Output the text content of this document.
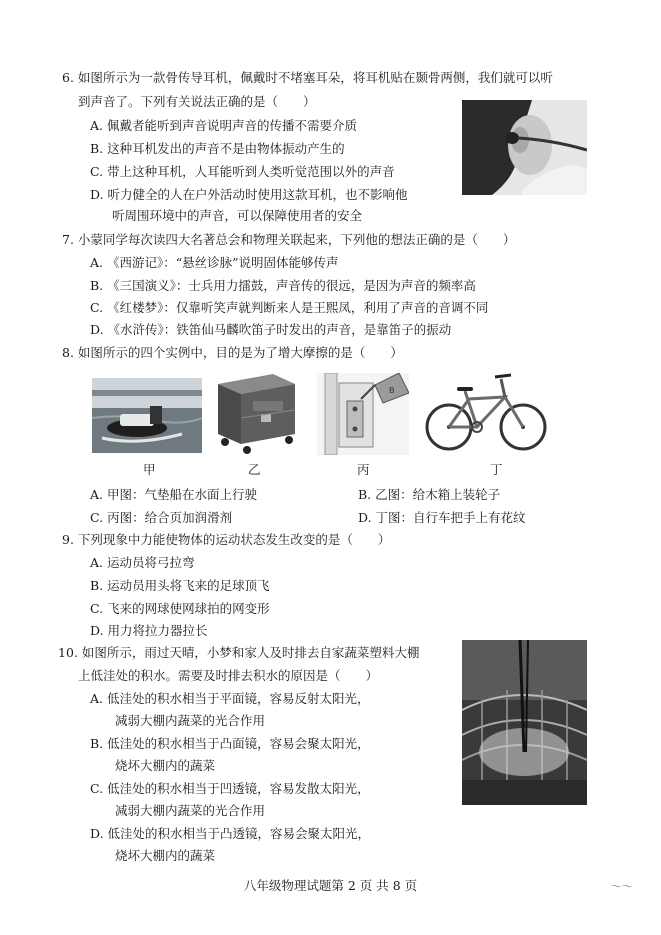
6. 如图所示为一款骨传导耳机，佩戴时不堵塞耳朵，将耳机贴在颞骨两侧，我们就可以听
到声音了。下列有关说法正确的是（　　）
A. 佩戴者能听到声音说明声音的传播不需要介质
B. 这种耳机发出的声音不是由物体振动产生的
C. 带上这种耳机，人耳能听到人类听觉范围以外的声音
D. 听力健全的人在户外活动时使用这款耳机，也不影响他
听周围环境中的声音，可以保障使用者的安全
7. 小蒙同学每次读四大名著总会和物理关联起来，下列他的想法正确的是（　　）
A. 《西游记》：“悬丝诊脉”说明固体能够传声
B. 《三国演义》：士兵用力擂鼓，声音传的很远，是因为声音的频率高
C. 《红楼梦》：仅靠听笑声就判断来人是王熙凤，利用了声音的音调不同
D. 《水浒传》：铁笛仙马麟吹笛子时发出的声音，是靠笛子的振动
8. 如图所示的四个实例中，目的是为了增大摩擦的是（　　）
B
甲	乙	丙	丁
A. 甲图：气垫船在水面上行驶	B. 乙图：给木箱上装轮子
C. 丙图：给合页加润滑剂	D. 丁图：自行车把手上有花纹
9. 下列现象中力能使物体的运动状态发生改变的是（　　）
A. 运动员将弓拉弯
B. 运动员用头将飞来的足球顶飞
C. 飞来的网球使网球拍的网变形
D. 用力将拉力器拉长
10. 如图所示，雨过天晴，小梦和家人及时排去自家蔬菜塑料大棚
上低洼处的积水。需要及时排去积水的原因是（　　）
A. 低洼处的积水相当于平面镜，容易反射太阳光，
减弱大棚内蔬菜的光合作用
B. 低洼处的积水相当于凸面镜，容易会聚太阳光，
烧坏大棚内的蔬菜
C. 低洼处的积水相当于凹透镜，容易发散太阳光，
减弱大棚内蔬菜的光合作用
D. 低洼处的积水相当于凸透镜，容易会聚太阳光，
烧坏大棚内的蔬菜
八年级物理试题第 2 页 共 8 页	〜〜
